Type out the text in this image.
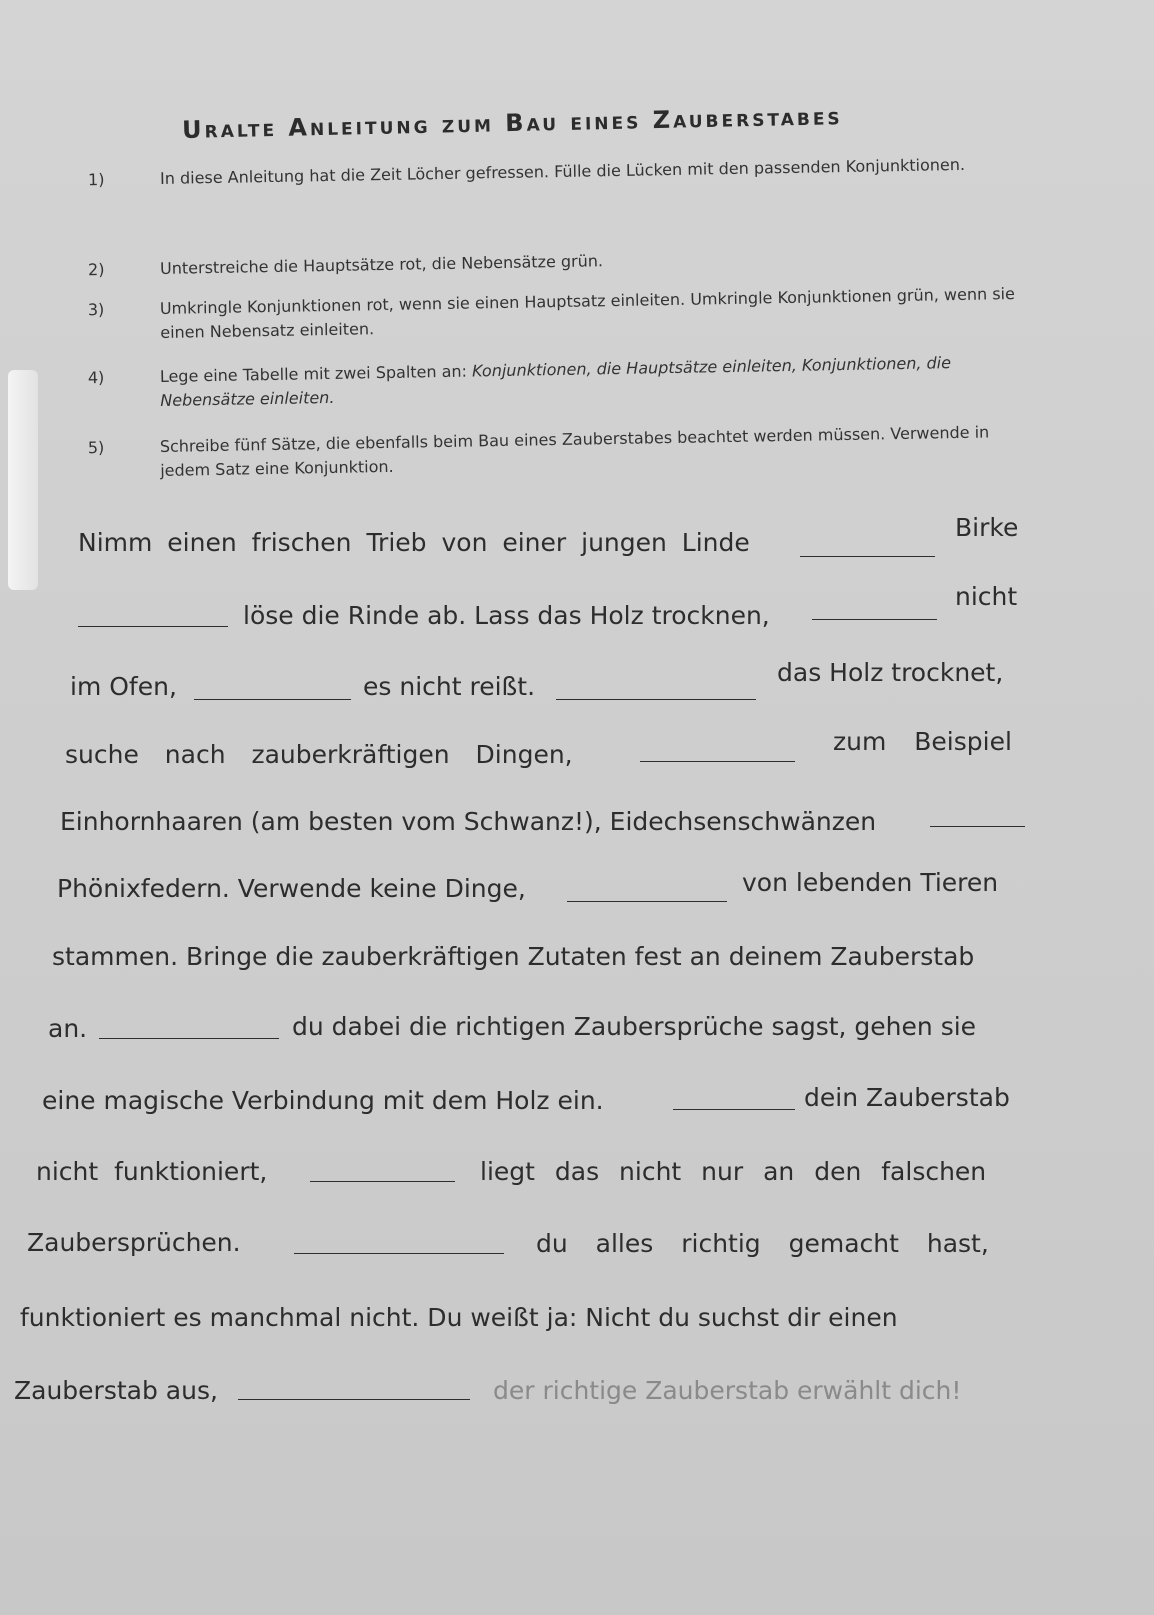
Uralte Anleitung zum Bau eines Zauberstabes
1)	In diese Anleitung hat die Zeit Löcher gefressen. Fülle die Lücken mit den passenden Konjunktionen.
2)	Unterstreiche die Hauptsätze rot, die Nebensätze grün.
3)	Umkringle Konjunktionen rot, wenn sie einen Hauptsatz einleiten. Umkringle Konjunktionen grün, wenn sie einen Nebensatz einleiten.
4)	Lege eine Tabelle mit zwei Spalten an: Konjunktionen, die Hauptsätze einleiten, Konjunktionen, die Nebensätze einleiten.
5)	Schreibe fünf Sätze, die ebenfalls beim Bau eines Zauberstabes beachtet werden müssen. Verwende in jedem Satz eine Konjunktion.
Nimm einen frischen Trieb von einer jungen Linde
Birke
löse die Rinde ab. Lass das Holz trocknen,
nicht
im Ofen,	es nicht reißt.	das Holz trocknet,
suche nach zauberkräftigen Dingen,	zum Beispiel
Einhornhaaren (am besten vom Schwanz!), Eidechsenschwänzen
Phönixfedern. Verwende keine Dinge,	von lebenden Tieren
stammen. Bringe die zauberkräftigen Zutaten fest an deinem Zauberstab
an.	du dabei die richtigen Zaubersprüche sagst, gehen sie
eine magische Verbindung mit dem Holz ein.	dein Zauberstab
nicht funktioniert,	liegt das nicht nur an den falschen
Zaubersprüchen.	du alles richtig gemacht hast,
funktioniert es manchmal nicht. Du weißt ja: Nicht du suchst dir einen
Zauberstab aus,	der richtige Zauberstab erwählt dich!
